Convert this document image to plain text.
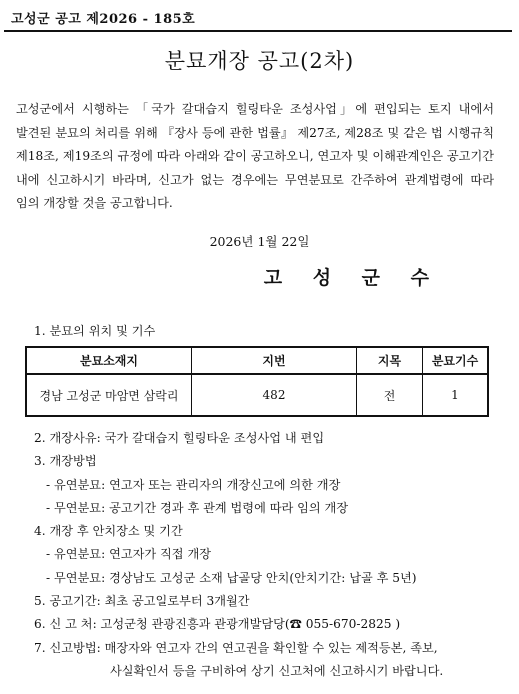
고성군 공고 제2026 - 185호
분묘개장 공고(2차)
고성군에서 시행하는 「국가 갈대습지 힐링타운 조성사업」에 편입되는 토지 내에서 발견된 분묘의 처리를 위해 『장사 등에 관한 법률』 제27조, 제28조 및 같은 법 시행규칙 제18조, 제19조의 규정에 따라 아래와 같이 공고하오니, 연고자 및 이해관계인은 공고기간 내에 신고하시기 바라며, 신고가 없는 경우에는 무연분묘로 간주하여 관계법령에 따라 임의 개장할 것을 공고합니다.
2026년 1월 22일
고 성 군 수
1. 분묘의 위치 및 기수
분묘소재지	지번	지목	분묘기수
경남 고성군 마암면 삼락리	482	전	1
2. 개장사유: 국가 갈대습지 힐링타운 조성사업 내 편입
3. 개장방법
- 유연분묘: 연고자 또는 관리자의 개장신고에 의한 개장
- 무연분묘: 공고기간 경과 후 관계 법령에 따라 임의 개장
4. 개장 후 안치장소 및 기간
- 유연분묘: 연고자가 직접 개장
- 무연분묘: 경상남도 고성군 소재 납골당 안치(안치기간: 납골 후 5년)
5. 공고기간: 최초 공고일로부터 3개월간
6. 신 고 처: 고성군청 관광진흥과 관광개발담당(☎ 055-670-2825 )
7. 신고방법: 매장자와 연고자 간의 연고권을 확인할 수 있는 제적등본, 족보,
사실확인서 등을 구비하여 상기 신고처에 신고하시기 바랍니다.
